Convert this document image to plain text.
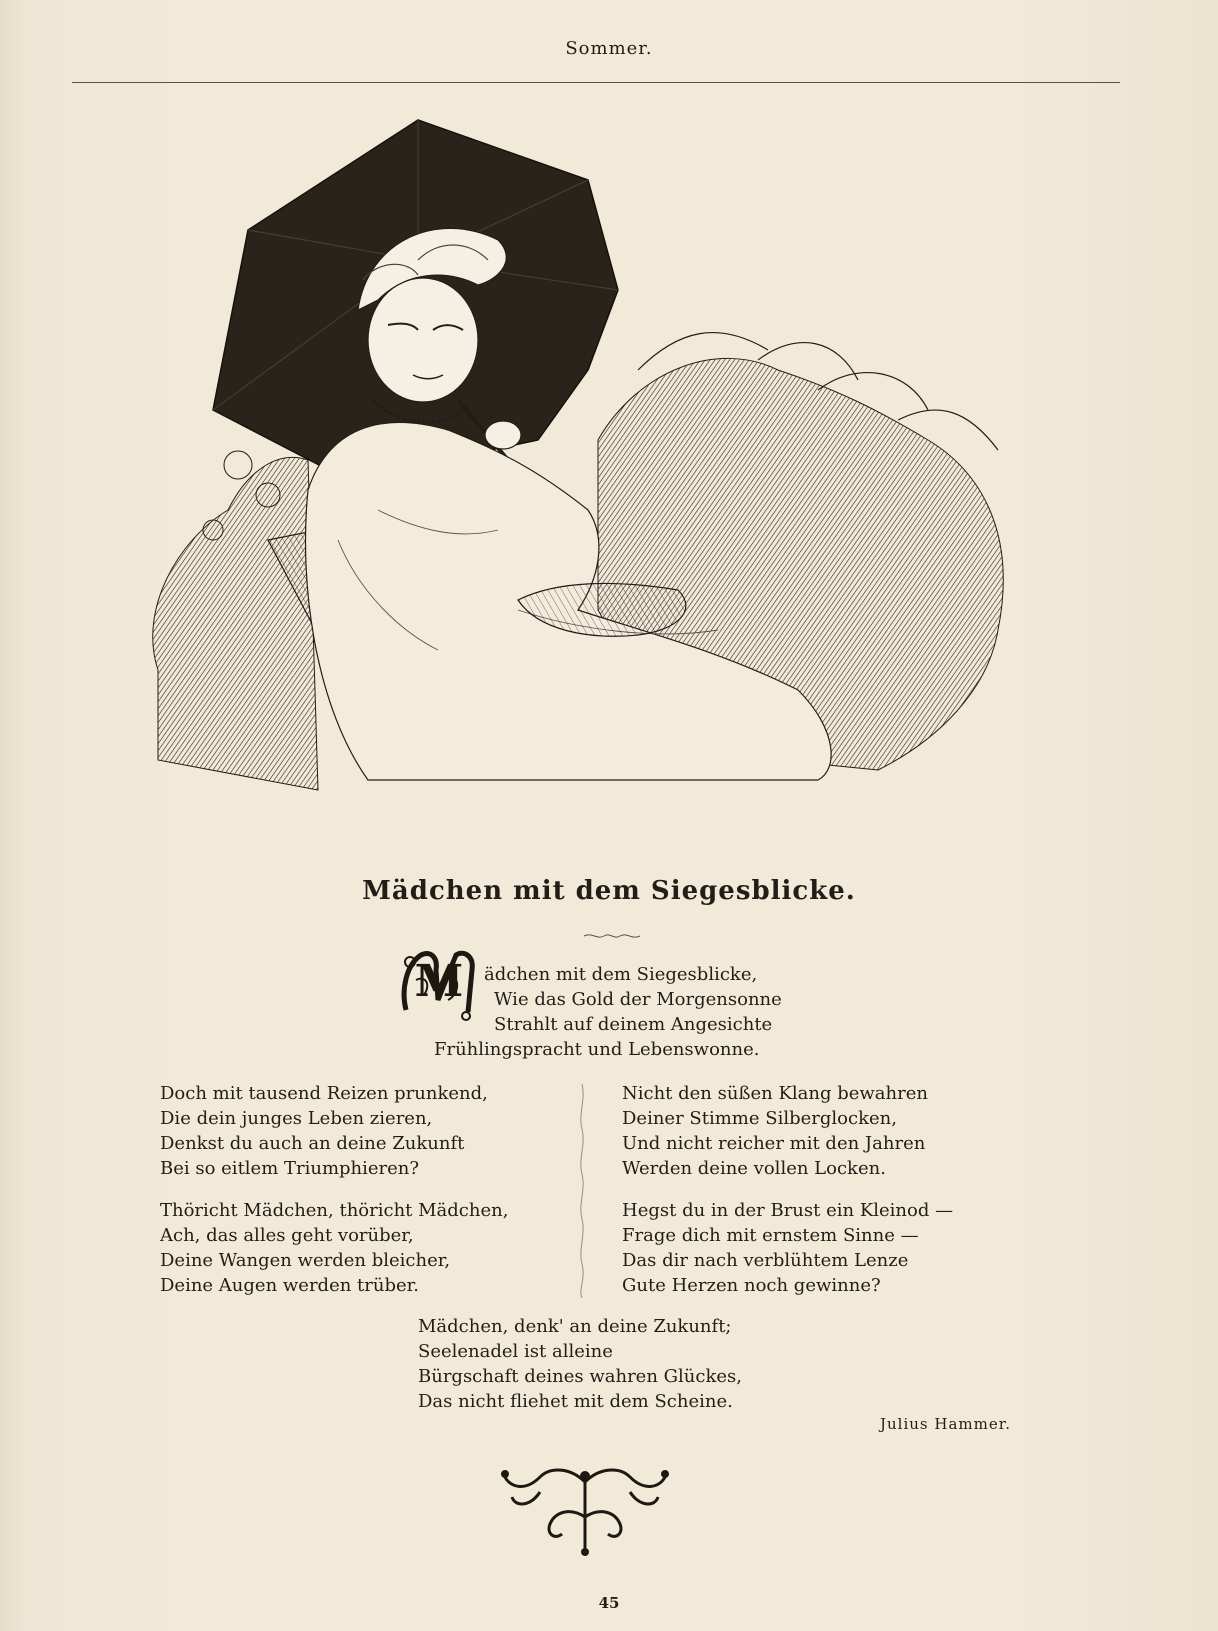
Sommer.
Mädchen mit dem Siegesblicke.
M	ädchen mit dem Siegesblicke,
Wie das Gold der Morgensonne
Strahlt auf deinem Angesichte
Frühlingspracht und Lebenswonne.
Doch mit tausend Reizen prunkend,
Die dein junges Leben zieren,
Denkst du auch an deine Zukunft
Bei so eitlem Triumphieren?
Thöricht Mädchen, thöricht Mädchen,
Ach, das alles geht vorüber,
Deine Wangen werden bleicher,
Deine Augen werden trüber.
Nicht den süßen Klang bewahren
Deiner Stimme Silberglocken,
Und nicht reicher mit den Jahren
Werden deine vollen Locken.
Hegst du in der Brust ein Kleinod —
Frage dich mit ernstem Sinne —
Das dir nach verblühtem Lenze
Gute Herzen noch gewinne?
Mädchen, denk' an deine Zukunft;
Seelenadel ist alleine
Bürgschaft deines wahren Glückes,
Das nicht fliehet mit dem Scheine.
Julius Hammer.
45
